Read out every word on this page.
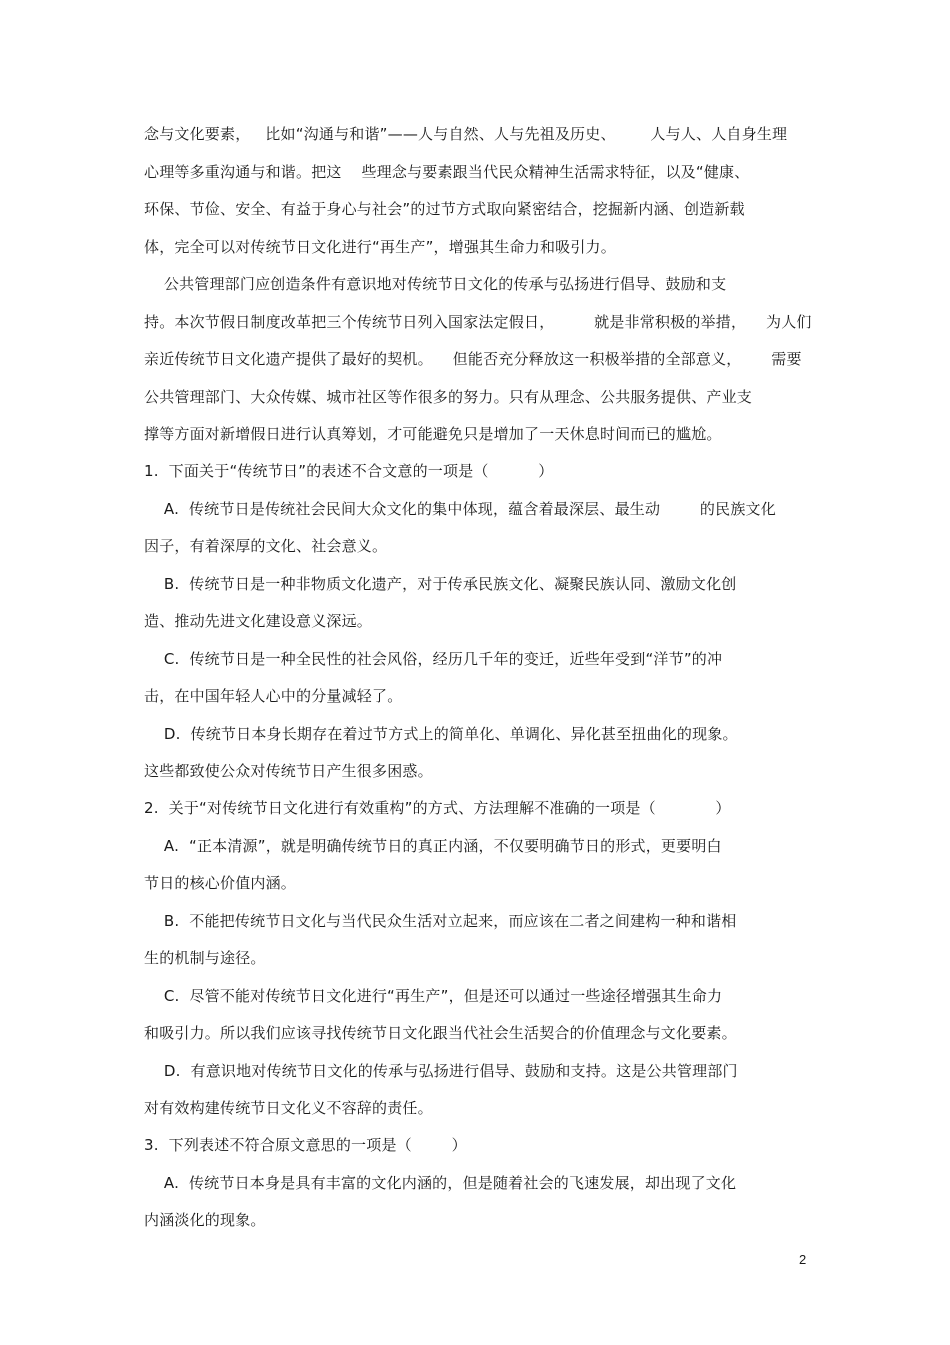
念与文化要素，   比如“沟通与和谐”——人与自然、人与先祖及历史、       人与人、人自身生理
心理等多重沟通与和谐。把这    些理念与要素跟当代民众精神生活需求特征，以及“健康、
环保、节俭、安全、有益于身心与社会”的过节方式取向紧密结合，挖掘新内涵、创造新载
体，完全可以对传统节日文化进行“再生产”，增强其生命力和吸引力。
公共管理部门应创造条件有意识地对传统节日文化的传承与弘扬进行倡导、鼓励和支
持。本次节假日制度改革把三个传统节日列入国家法定假日，        就是非常积极的举措，    为人们
亲近传统节日文化遗产提供了最好的契机。    但能否充分释放这一积极举措的全部意义，      需要
公共管理部门、大众传媒、城市社区等作很多的努力。只有从理念、公共服务提供、产业支
撑等方面对新增假日进行认真筹划，才可能避免只是增加了一天休息时间而已的尴尬。
1.  下面关于“传统节日”的表述不合文意的一项是（          ）
A.  传统节日是传统社会民间大众文化的集中体现，蕴含着最深层、最生动        的民族文化
因子，有着深厚的文化、社会意义。
B.  传统节日是一种非物质文化遗产，对于传承民族文化、凝聚民族认同、激励文化创
造、推动先进文化建设意义深远。
C.  传统节日是一种全民性的社会风俗，经历几千年的变迁，近些年受到“洋节”的冲
击，在中国年轻人心中的分量减轻了。
D.  传统节日本身长期存在着过节方式上的简单化、单调化、异化甚至扭曲化的现象。
这些都致使公众对传统节日产生很多困惑。
2.  关于“对传统节日文化进行有效重构”的方式、方法理解不准确的一项是（            ）
A.  “正本清源”，就是明确传统节日的真正内涵，不仅要明确节日的形式，更要明白
节日的核心价值内涵。
B.  不能把传统节日文化与当代民众生活对立起来，而应该在二者之间建构一种和谐相
生的机制与途径。
C.  尽管不能对传统节日文化进行“再生产”，但是还可以通过一些途径增强其生命力
和吸引力。所以我们应该寻找传统节日文化跟当代社会生活契合的价值理念与文化要素。
D.  有意识地对传统节日文化的传承与弘扬进行倡导、鼓励和支持。这是公共管理部门
对有效构建传统节日文化义不容辞的责任。
3.  下列表述不符合原文意思的一项是（        ）
A.  传统节日本身是具有丰富的文化内涵的，但是随着社会的飞速发展，却出现了文化
内涵淡化的现象。
2
